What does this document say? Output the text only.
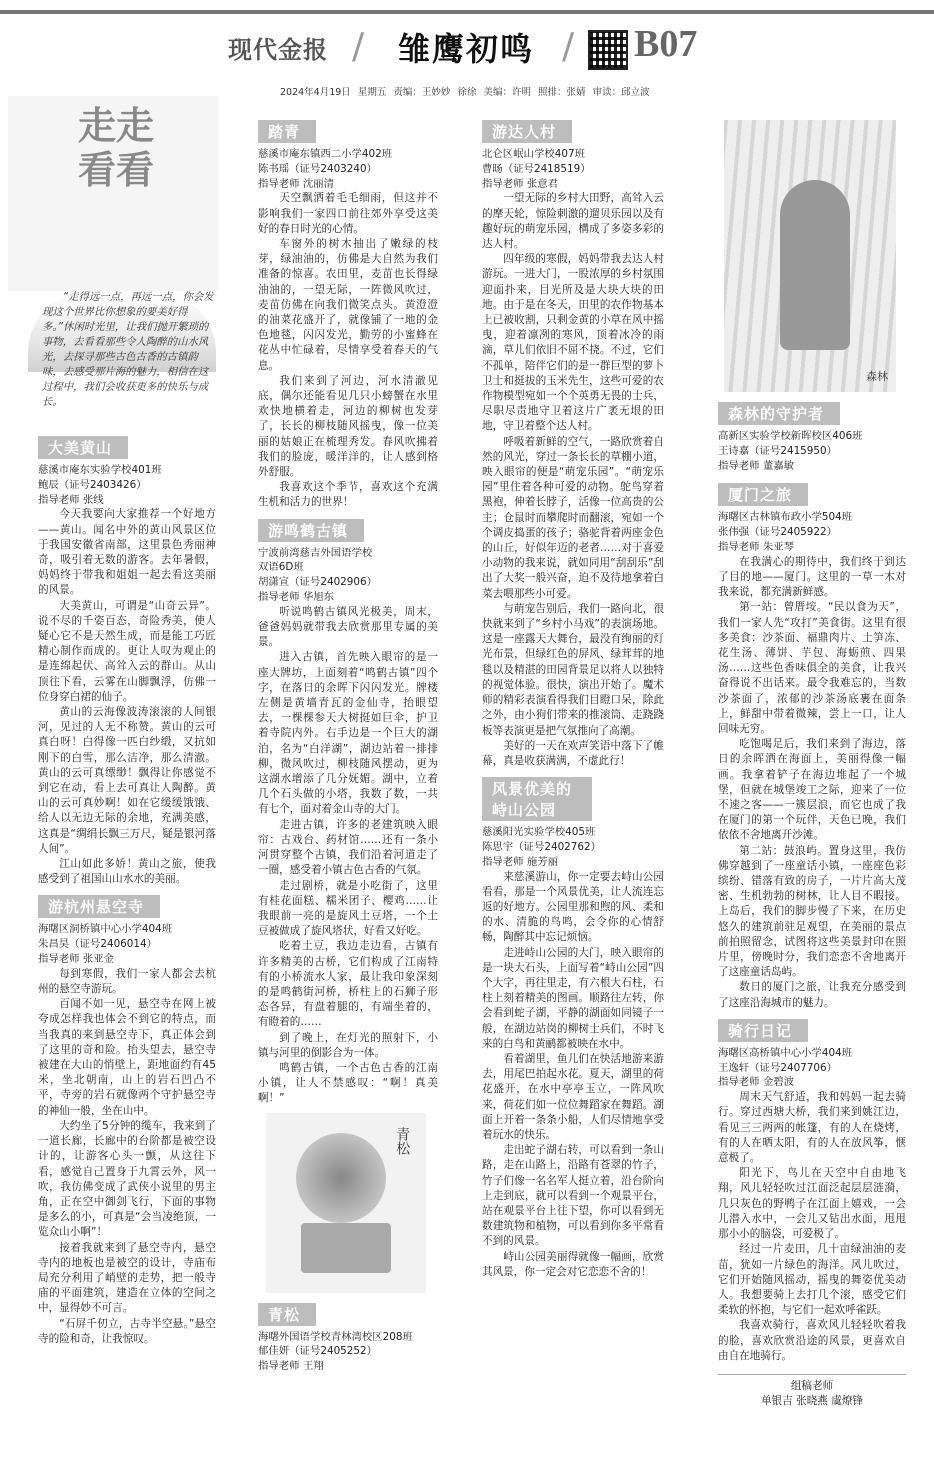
现代金报 / 雏鹰初鸣 / B07
2024年4月19日 星期五 责编：王妙妙 徐徐 美编：许明 照排：张婧 审读：邱立波
走走看看
“走得远一点，再远一点，你会发现这个世界比你想象的要美好得多。”休闲时光里，让我们抛开繁琐的事物，去看看那些令人陶醉的山水风光，去探寻那些古色古香的古镇韵味，去感受那片海的魅力，相信在这过程中，我们会收获更多的快乐与成长。
大美黄山
慈溪市庵东实验学校401班
鲍辰（证号2403426）
指导老师 张线

今天我要向大家推荐一个好地方——黄山。闻名中外的黄山风景区位于我国安徽省南部，这里景色秀丽神奇，吸引着无数的游客。去年暑假，妈妈终于带我和姐姐一起去看这美丽的风景。

大美黄山，可谓是“山奇云异”。说不尽的千姿百态，奇险秀美，使人疑心它不是天然生成，而是能工巧匠精心制作而成的。更让人叹为观止的是连绵起伏、高耸入云的群山。从山顶往下看，云雾在山脚飘浮，仿佛一位身穿白裙的仙子。

黄山的云海像波涛滚滚的人间银河，见过的人无不称赞。黄山的云可真白呀！白得像一匹白纱缎，又抗如刚下的白雪，那么洁净，那么清澈。黄山的云可真缥缈！飘得让你感觉不到它在动，看上去可真让人陶醉。黄山的云可真妙啊！如在它缓缓饿饿、给人以无边无际的余地，充满美感，这真是“绸绢长飘三万尺，疑是银河落人间”。

江山如此多娇！黄山之旅，使我感受到了祖国山山水水的美丽。

游杭州悬空寺
海曙区洞桥镇中心小学404班
朱昌昊（证号2406014）
指导老师 张亚金

每到寒假，我们一家人都会去杭州的悬空寺游玩。

百闻不如一见，悬空寺在网上被夸成怎样我也体会不到它的特点，而当我真的来到悬空寺下，真正体会到了这里的奇和险。抬头望去，悬空寺被建在大山的悄壁上，距地面约有45米，坐北朝南，山上的岩石凹凸不平，寺旁的岩石就像两个守护悬空寺的神仙一般，坐在山中。

大约坐了5分钟的缆车，我来到了一道长廊，长廊中的台阶都是被空设计的，让游客心头一颤，从这往下看，感觉自己置身于九霄云外，风一吹，我仿佛变成了武侠小说里的男主角，正在空中御剑飞行，下面的事物是多么的小，可真是“会当凌绝顶，一览众山小啊”！

接着我就来到了悬空寺内，悬空寺内的地板也是被空的设计，寺庙布局充分利用了峭壁的走势，把一般寺庙的平面建筑，建造在立体的空间之中，显得妙不可言。

“石屏千仞立，古寺半空悬。”悬空寺的险和奇，让我惊叹。

踏青
慈溪市庵东镇西二小学402班
陈书瑶（证号2403240）
指导老师 沈丽清

天空飘洒着毛毛细雨，但这并不影响我们一家四口前往郊外享受这美好的春日时光的心情。

车窗外的树木抽出了嫩绿的枝芽，绿油油的，仿佛是大自然为我们准备的惊喜。农田里，麦苗也长得绿油油的，一望无际，一阵微风吹过，麦苗仿佛在向我们微笑点头。黄澄澄的油菜花盛开了，就像铺了一地的金色地毯，闪闪发光，勤劳的小蜜蜂在花丛中忙碌着，尽情享受着春天的气息。

我们来到了河边，河水清澈见底，偶尔还能看见几只小螃蟹在水里欢快地横着走，河边的柳树也发芽了，长长的柳枝随风摇曳，像一位美丽的姑娘正在梳理秀发。春风吹拂着我们的脸庞，暖洋洋的，让人感到格外舒服。

我喜欢这个季节，喜欢这个充满生机和活力的世界！

游鸣鹤古镇
宁波前湾慈吉外国语学校
双语6D班
胡潇宣（证号2402906）
指导老师 华旭东

听说鸣鹤古镇风光极美，周末，爸爸妈妈就带我去欣赏那里专属的美景。

进入古镇，首先映入眼帘的是一座大牌坊，上面刻着“鸣鹤古镇”四个字，在落日的余晖下闪闪发光。牌楼左侧是黄墙青瓦的金仙寺，抬眼望去，一棵棵参天大树挺如巨伞，护卫着寺院内外。右手边是一个巨大的湖泊，名为“白洋湖”，湖边站着一排排柳，微风吹过，柳枝随风摆动，更为这湖水增添了几分妩媚。湖中，立着几个石头做的小塔，我数了数，一共有七个，面对着金山寺的大门。

走进古镇，许多的老建筑映入眼帘：古戏台、药材馆……还有一条小河贯穿整个古镇，我们沿着河道走了一圈，感受着小镇古色古香的气氛。

走过剧桥，就是小吃街了，这里有桂花面糕、糯米团子、樱鸡……让我眼前一亮的是旋风土豆塔，一个土豆被做成了旋风塔状，好看又好吃。

吃着土豆，我边走边看，古镇有许多精美的古桥，它们构成了江南特有的小桥流水人家，最让我印象深刻的是鸣鹤街河桥，桥柱上的石狮子形态各异，有盘着腿的，有端坐着的，有瞪着的……

到了晚上，在灯光的照射下，小镇与河里的倒影合为一体。

鸣鹤古镇，一个古色古香的江南小镇，让人不禁感叹：“啊！真美啊！”

青松
青松
海曙外国语学校青林湾校区208班
郁佳妍（证号2405252）
指导老师 王翔
游达人村
北仑区岷山学校407班
曹旸（证号2418519）
指导老师 张意君

一望无际的乡村大田野，高耸入云的摩天轮，惊险刺激的遛贝乐园以及有趣好玩的萌宠乐园，構成了多姿多彩的达人村。

四年级的寒假，妈妈带我去达人村游玩。一进大门，一股浓厚的乡村氛围迎面扑来，目光所及是大块大块的田地。由于是在冬天，田里的农作物基本上已被收割，只剩金黄的小草在风中摇曳，迎着凛冽的寒风，顶着冰冷的雨滴，草儿们依旧不屈不挠。不过，它们不孤单，陪伴它们的是一群巨型的萝卜卫士和挺拔的玉米先生，这些可爱的农作物模型宛如一个个英勇无畏的士兵，尽职尽责地守卫着这片广袤无垠的田地，守卫着整个达人村。

呼吸着新鲜的空气，一路欣赏着自然的风光，穿过一条长长的草棚小道，映入眼帘的便是“萌宠乐园”。“萌宠乐园”里住着各种可爱的动物。鸵鸟穿着黑袍，伸着长脖子，活像一位高贵的公主；仓鼠时而攀爬时而翻滚，宛如一个个调皮捣蛋的孩子；骆驼背着两座金色的山丘，好似年迈的老者……对于喜爱小动物的我来说，就如同用“刮刮乐”刮出了大奖一般兴奋，迫不及待地拿着白菜去喂那些小可爱。

与萌宠告别后，我们一路向北，很快就来到了“乡村小马戏”的表演场地。这是一座露天大舞台，最没有绚丽的灯光布景，但绿红色的屏风、绿茸茸的地毯以及精湛的田园背景足以将人以独特的视觉体验。很快，演出开始了。魔术师的精彩表演看得我们目瞪口呆，除此之外，由小狗们带来的推滚筒、走跷跷板等表演更是把气氛推向了高潮。

美好的一天在欢声笑语中落下了帷幕，真是收获满满，不虚此行！

风景优美的峙山公园
慈溪阳光实验学校405班
陈思宇（证号2402762）
指导老师 施芳丽

来慈溪游山，你一定要去峙山公园看看，那是一个风景优美，让人流连忘返的好地方。公园里那和煦的风、柔和的水、清脆的鸟鸣，会令你的心情舒畅，陶醉其中忘记烦恼。

走进峙山公园的大门，映入眼帘的是一块大石头，上面写着“峙山公园”四个大字，再往里走，有六根大石柱，石柱上刻着精美的图画。顺路往左转，你会看到蛇子湖，平静的湖面如同镜子一般，在湖边站岗的柳树士兵们，不时飞来的白鸟和黄鹂都被映在水中。

看着湖里，鱼儿们在快活地游来游去，用尾巴拍起水花。夏天，湖里的荷花盛开，在水中亭亭玉立，一阵风吹来，荷花们如一位位舞蹈家在舞蹈。湖面上开着一条条小船，人们尽情地享受着玩水的快乐。

走出蛇子湖右转，可以看到一条山路，走在山路上，沿路有苍翠的竹子，竹子们像一名名军人挺立着，沿台阶向上走到底，就可以看到一个观景平台，站在观景平台上往下望，你可以看到无数建筑物和植物，可以看到你多平常看不到的风景。

峙山公园美丽得就像一幅画，欣赏其风景，你一定会对它恋恋不舍的！

森林
森林的守护者
高新区实验学校新晖校区406班
王诗嘉（证号2415950）
指导老师 董嘉敏
厦门之旅
海曙区古林镇布政小学504班
张伟强（证号2405922）
指导老师 朱亚琴

在我满心的期待中，我们终于到达了目的地——厦门。这里的一草一木对我来说，都充满新鲜感。

第一站：曾厝垵。“民以食为天”，我们一家人先“攻打”美食街。这里有很多美食：沙茶面、福鼎肉片、土笋冻、花生汤、薄饼、芋包、海蛎煎、四果汤……这些色香味俱全的美食，让我兴奋得说不出话来。最令我难忘的，当数沙茶面了，浓郁的沙茶汤底裹在面条上，鲜甜中带着微辣，尝上一口，让人回味无穷。

吃饱喝足后，我们来到了海边，落日的余晖洒在海面上，美丽得像一幅画。我拿着铲子在海边堆起了一个城堡，但就在城堡竣工之际，迎来了一位不速之客——一簇层浪，而它也成了我在厦门的第一个玩伴，天色已晚，我们依依不舍地离开沙滩。

第二站：鼓浪屿。置身这里，我仿佛穿越到了一座童话小镇，一座座色彩缤纷、错落有致的房子，一片片高大茂密、生机勃勃的树林，让人目不暇接。上岛后，我们的脚步慢了下来，在历史悠久的建筑前驻足观望，在美丽的景点前拍照留念，试图将这些美景封印在照片里，傍晚时分，我们恋恋不舍地离开了这座童话岛屿。

数日的厦门之旅，让我充分感受到了这座沿海城市的魅力。

骑行日记
海曙区高桥镇中心小学404班
王逸轩（证号2407706）
指导老师 金碧波

周末天气舒适，我和妈妈一起去骑行。穿过西塘大桥，我们来到姚江边，看见三三两两的帐篷，有的人在烧烤，有的人在晒太阳，有的人在放风筝，惬意极了。

阳光下，鸟儿在天空中自由地飞翔，风儿轻轻吹过江面泛起层层涟漪，几只灰色的野鸭子在江面上嬉戏，一会儿潜入水中，一会儿又钻出水面，甩甩那小小的脑袋，可爱极了。

经过一片麦田，几十亩绿油油的麦苗，犹如一片绿色的海洋。风儿吹过，它们开始随风摇动，摇曳的舞姿优美动人。我想要骑上去打几个滚，感受它们柔软的怀抱，与它们一起欢呼雀跃。

我喜欢骑行，喜欢风儿轻轻吹着我的脸，喜欢欣赏沿途的风景，更喜欢自由自在地骑行。

组稿老师
单银吉 张晓燕 虞燎锋
